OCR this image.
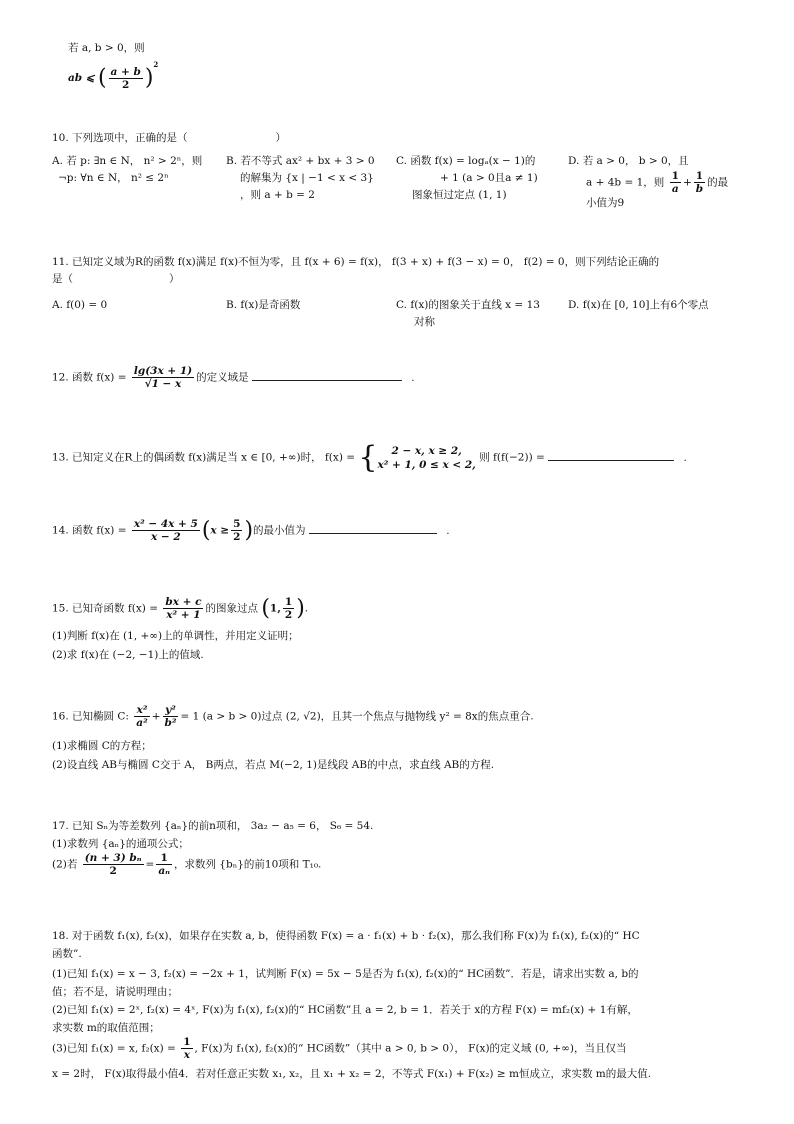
若 a, b > 0，则
ab ⩽ ( $\frac{a + b}{2} )^2$
10. 下列选项中，正确的是（	）
A. 若 p: ∃n ∈ N， n² > 2ⁿ，则
¬p: ∀n ∈ N， n² ≤ 2ⁿ
B. 若不等式 ax² + bx + 3 > 0
的解集为 {x | −1 < x < 3}
，则 a + b = 2
C. 函数 f(x) = logₐ(x − 1)的
+ 1 (a > 0且a ≠ 1)
图象恒过定点 (1, 1)
D. 若 a > 0， b > 0，且
a + 4b = 1，则 $\frac{1}{a} + \frac{1}{b}$ 的最
小值为9
11. 已知定义域为R的函数 f(x)满足 f(x)不恒为零，且 f(x + 6) = f(x)， f(3 + x) + f(3 − x) = 0， f(2) = 0，则下列结论正确的
是（	）
A. f(0) = 0	B. f(x)是奇函数	C. f(x)的图象关于直线 x = 13
对称
D. f(x)在 [0, 10]上有6个零点
12. 函数 $f(x) = \frac{\lg(3x + 1)}{√1 - x}$ 的定义域是	.
13. 已知定义在R上的偶函数 f(x)满足当 x ∈ [0, +∞)时， f(x) = {	2 − x, x ≥ 2,
x² + 1, 0 ≤ x < 2,
则 f(f(−2)) =	.
14. 函数 $f(x) = \frac{\text{x² − 4x + 5}}{x - 2} (x \ge \frac{5}{2}$ )的最小值为	.
15. 已知奇函数 $f(x) = \frac{bx + c}{\text{x² + 1}}$ 的图象过点 (1, $\frac{1}{2}$ ).
(1)判断 f(x)在 (1, +∞)上的单调性，并用定义证明；
(2)求 f(x)在 (−2, −1)上的值域.
16. 已知椭圆 C: $\frac{\text{x²}}{\text{a²}} + \frac{\text{y²}}{\text{b²}} = 1$ (a > b > 0)过点 (2, √2)，且其一个焦点与抛物线 y² = 8x的焦点重合.
(1)求椭圆 C的方程；
(2)设直线 AB与椭圆 C交于 A， B两点，若点 M(−2, 1)是线段 AB的中点，求直线 AB的方程.
17. 已知 Sₙ为等差数列 {aₙ}的前n项和， 3a₂ − a₅ = 6， S₆ = 54.
(1)求数列 {aₙ}的通项公式；
(2)若 $\frac{\text{(n + 3) bₙ}}{2} = \frac{1}{\text{aₙ}}$ ，求数列 {bₙ}的前10项和 T₁₀.
18. 对于函数 f₁(x), f₂(x)，如果存在实数 a, b，使得函数 F(x) = a · f₁(x) + b · f₂(x)，那么我们称 F(x)为 f₁(x), f₂(x)的“ HC
函数”.
(1)已知 f₁(x) = x − 3, f₂(x) = −2x + 1，试判断 F(x) = 5x − 5是否为 f₁(x), f₂(x)的“ HC函数”．若是，请求出实数 a, b的
值；若不是，请说明理由；
(2)已知 f₁(x) = 2ˣ, f₂(x) = 4ˣ, F(x)为 f₁(x), f₂(x)的“ HC函数”且 a = 2, b = 1．若关于 x的方程 F(x) = mf₂(x) + 1有解，
求实数 m的取值范围；
(3)已知 f₁(x) = x, $f_2(x) = \frac{1}{x}$ , F(x)为 f₁(x), f₂(x)的“ HC函数”（其中 a > 0, b > 0）， F(x)的定义域 (0, +∞)，当且仅当
x = 2时， F(x)取得最小值4．若对任意正实数 x₁, x₂，且 x₁ + x₂ = 2，不等式 F(x₁) + F(x₂) ≥ m恒成立，求实数 m的最大值.
